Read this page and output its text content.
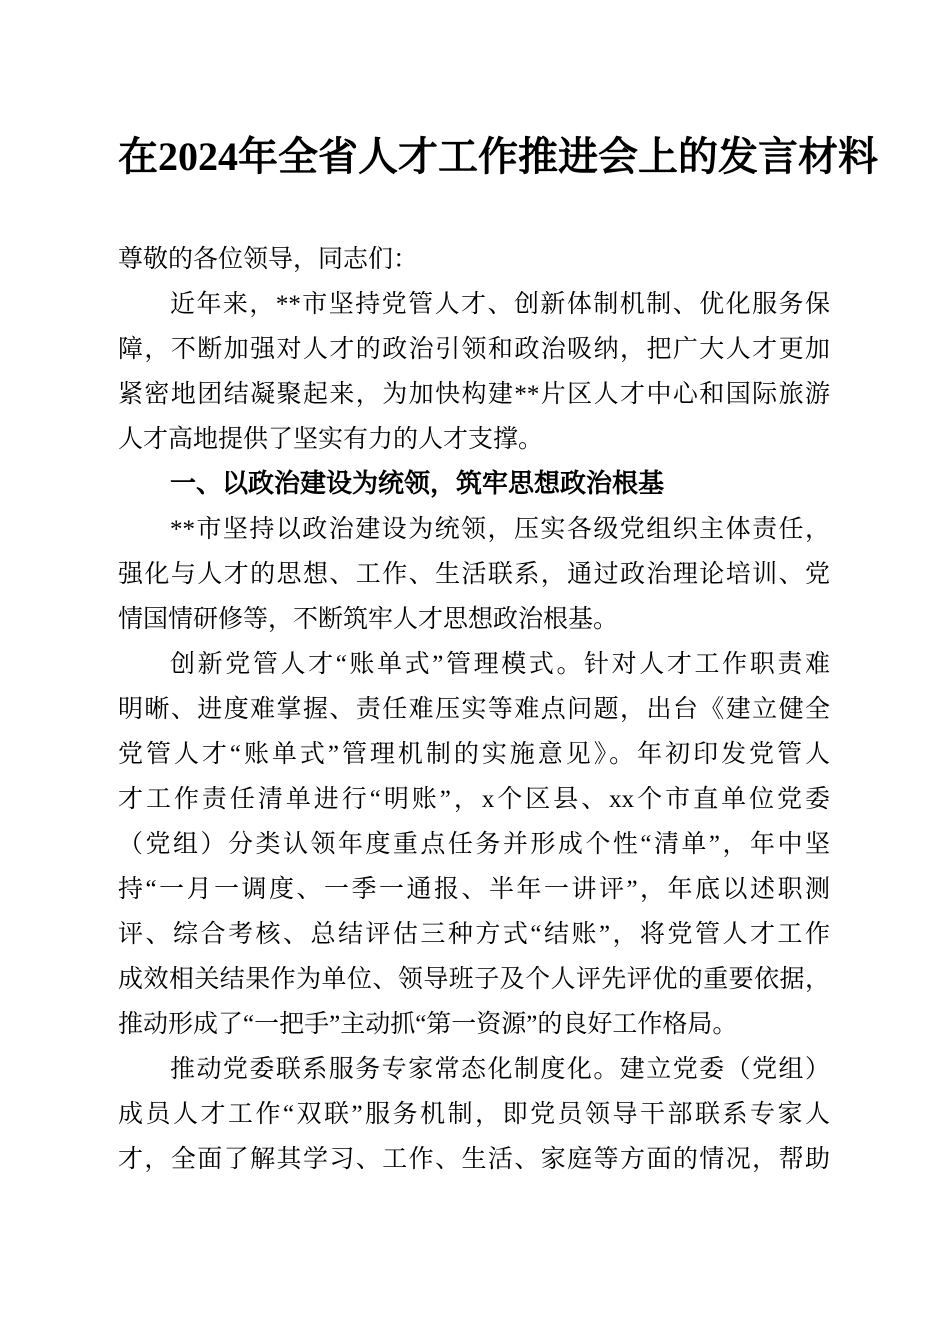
在2024年全省人才工作推进会上的发言材料
尊敬的各位领导，同志们：
近年来，**市坚持党管人才、创新体制机制、优化服务保
障，不断加强对人才的政治引领和政治吸纳，把广大人才更加
紧密地团结凝聚起来，为加快构建**片区人才中心和国际旅游
人才高地提供了坚实有力的人才支撑。
一、以政治建设为统领，筑牢思想政治根基
**市坚持以政治建设为统领，压实各级党组织主体责任，
强化与人才的思想、工作、生活联系，通过政治理论培训、党
情国情研修等，不断筑牢人才思想政治根基。
创新党管人才“账单式”管理模式。针对人才工作职责难
明晰、进度难掌握、责任难压实等难点问题，出台《建立健全
党管人才“账单式”管理机制的实施意见》。年初印发党管人
才工作责任清单进行“明账”，x个区县、xx个市直单位党委
（党组）分类认领年度重点任务并形成个性“清单”，年中坚
持“一月一调度、一季一通报、半年一讲评”，年底以述职测
评、综合考核、总结评估三种方式“结账”，将党管人才工作
成效相关结果作为单位、领导班子及个人评先评优的重要依据，
推动形成了“一把手”主动抓“第一资源”的良好工作格局。
推动党委联系服务专家常态化制度化。建立党委（党组）
成员人才工作“双联”服务机制，即党员领导干部联系专家人
才，全面了解其学习、工作、生活、家庭等方面的情况，帮助
